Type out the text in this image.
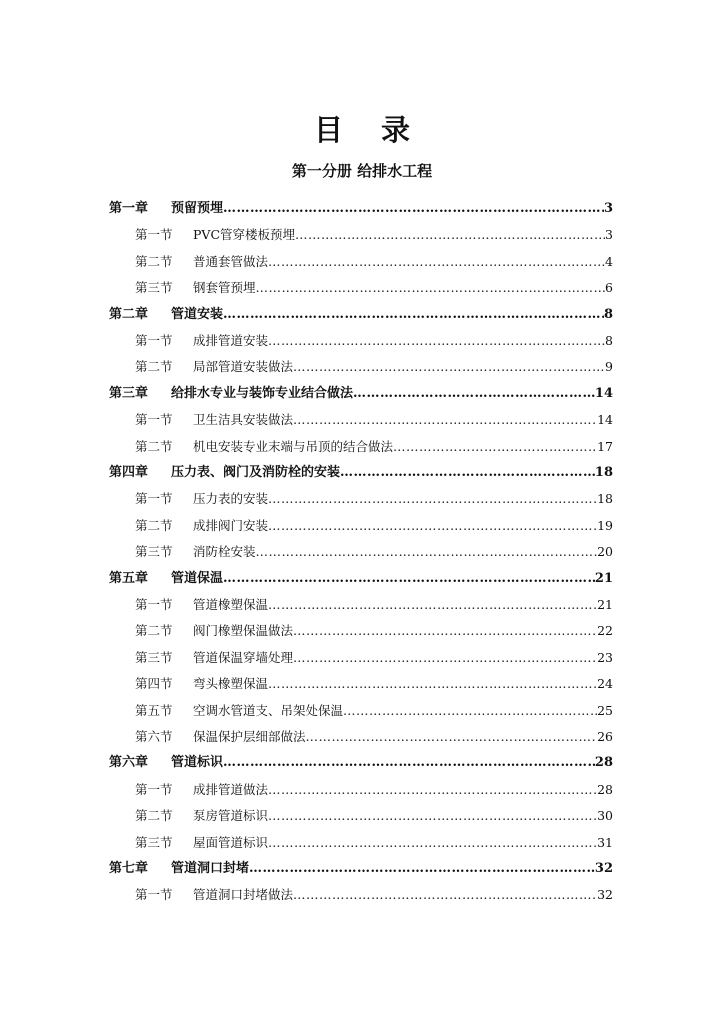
目 录
第一分册 给排水工程
第一章	预留预埋 ……………………………………………………………………………………………………………………………………………………………………	3
第一节	PVC管穿楼板预埋 ……………………………………………………………………………………………………………………………………………………………………	3
第二节	普通套管做法 ……………………………………………………………………………………………………………………………………………………………………	4
第三节	钢套管预埋 ……………………………………………………………………………………………………………………………………………………………………	6
第二章	管道安装 ……………………………………………………………………………………………………………………………………………………………………	8
第一节	成排管道安装 ……………………………………………………………………………………………………………………………………………………………………	8
第二节	局部管道安装做法 ……………………………………………………………………………………………………………………………………………………………………	9
第三章	给排水专业与装饰专业结合做法 ……………………………………………………………………………………………………………………………………………………………………	14
第一节	卫生洁具安装做法 ……………………………………………………………………………………………………………………………………………………………………	14
第二节	机电安装专业末端与吊顶的结合做法 ……………………………………………………………………………………………………………………………………………………………………	17
第四章	压力表、阀门及消防栓的安装 ……………………………………………………………………………………………………………………………………………………………………	18
第一节	压力表的安装 ……………………………………………………………………………………………………………………………………………………………………	18
第二节	成排阀门安装 ……………………………………………………………………………………………………………………………………………………………………	19
第三节	消防栓安装 ……………………………………………………………………………………………………………………………………………………………………	20
第五章	管道保温 ……………………………………………………………………………………………………………………………………………………………………	21
第一节	管道橡塑保温 ……………………………………………………………………………………………………………………………………………………………………	21
第二节	阀门橡塑保温做法 ……………………………………………………………………………………………………………………………………………………………………	22
第三节	管道保温穿墙处理 ……………………………………………………………………………………………………………………………………………………………………	23
第四节	弯头橡塑保温 ……………………………………………………………………………………………………………………………………………………………………	24
第五节	空调水管道支、吊架处保温 ……………………………………………………………………………………………………………………………………………………………………	25
第六节	保温保护层细部做法 ……………………………………………………………………………………………………………………………………………………………………	26
第六章	管道标识 ……………………………………………………………………………………………………………………………………………………………………	28
第一节	成排管道做法 ……………………………………………………………………………………………………………………………………………………………………	28
第二节	泵房管道标识 ……………………………………………………………………………………………………………………………………………………………………	30
第三节	屋面管道标识 ……………………………………………………………………………………………………………………………………………………………………	31
第七章	管道洞口封堵 ……………………………………………………………………………………………………………………………………………………………………	32
第一节	管道洞口封堵做法 ……………………………………………………………………………………………………………………………………………………………………	32
